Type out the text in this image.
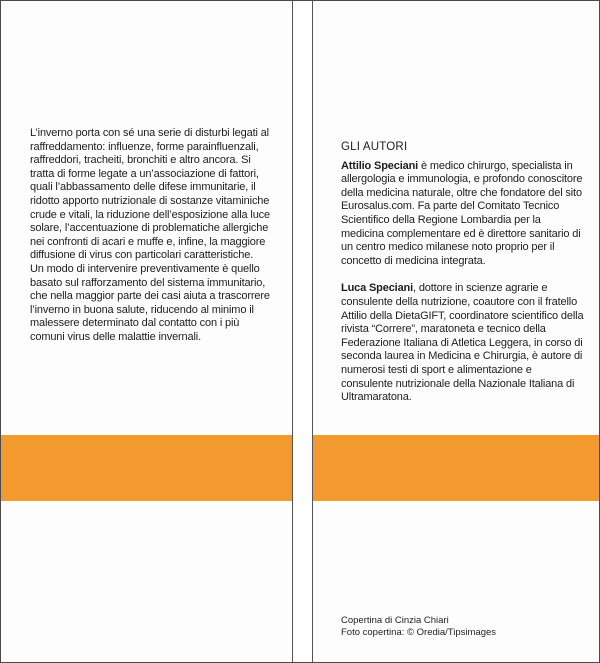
L’inverno porta con sé una serie di disturbi legati al raffreddamento: influenze, forme parainfluenzali, raffreddori, tracheiti, bronchiti e altro ancora. Si tratta di forme legate a un’associazione di fattori, quali l’abbassamento delle difese immunitarie, il ridotto apporto nutrizionale di sostanze vitaminiche crude e vitali, la riduzione dell’esposizione alla luce solare, l’accentuazione di problematiche allergiche nei confronti di acari e muffe e, infine, la maggiore diffusione di virus con particolari caratteristiche.

Un modo di intervenire preventivamente è quello basato sul rafforzamento del sistema immunitario, che nella maggior parte dei casi aiuta a trascorrere l’inverno in buona salute, riducendo al minimo il malessere determinato dal contatto con i più comuni virus delle malattie invernali.

GLI AUTORI

Attilio Speciani è medico chirurgo, specialista in allergologia e immunologia, e profondo conoscitore della medicina naturale, oltre che fondatore del sito Eurosalus.com. Fa parte del Comitato Tecnico Scientifico della Regione Lombardia per la medicina complementare ed è direttore sanitario di un centro medico milanese noto proprio per il concetto di medicina integrata.

Luca Speciani, dottore in scienze agrarie e consulente della nutrizione, coautore con il fratello Attilio della DietaGIFT, coordinatore scientifico della rivista “Correre”, maratoneta e tecnico della Federazione Italiana di Atletica Leggera, in corso di seconda laurea in Medicina e Chirurgia, è autore di numerosi testi di sport e alimentazione e consulente nutrizionale della Nazionale Italiana di Ultramaratona.

Copertina di Cinzia Chiari
Foto copertina: © Oredia/Tipsimages
